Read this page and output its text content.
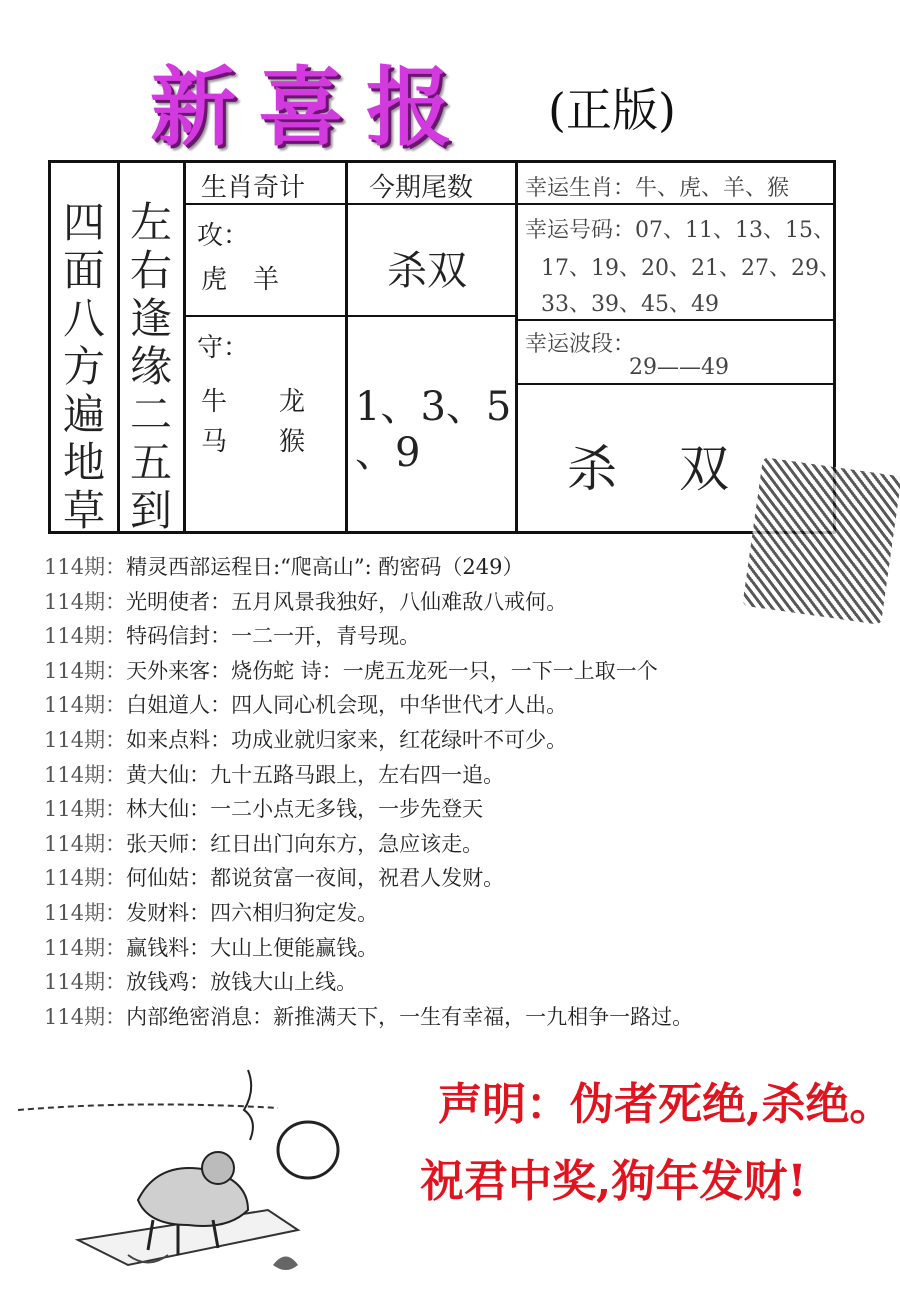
新喜报 (正版)
四
面
八
方
遍
地
草
左
右
逢
缘
二
五
到
生肖奇计 今期尾数 幸运生肖：牛、虎、羊、猴
攻：
虎　羊	杀双
幸运号码：07、11、13、15、
17、19、20、21、27、29、
33、39、45、49
幸运波段：
29——49
守：
牛　　龙
马　　猴
1、3、5
、9	杀　双
114期：精灵西部运程日:“爬高山”: 酌密码（249）
114期：光明使者：五月风景我独好，八仙难敌八戒何。
114期：特码信封：一二一开，青号现。
114期：天外来客：烧伤蛇 诗：一虎五龙死一只，一下一上取一个
114期：白姐道人：四人同心机会现，中华世代才人出。
114期：如来点料：功成业就归家来，红花绿叶不可少。
114期：黄大仙：九十五路马跟上，左右四一追。
114期：林大仙：一二小点无多钱，一步先登天
114期：张天师：红日出门向东方，急应该走。
114期：何仙姑：都说贫富一夜间，祝君人发财。
114期：发财料：四六相归狗定发。
114期：赢钱料：大山上便能赢钱。
114期：放钱鸡：放钱大山上线。
114期：内部绝密消息：新推满天下，一生有幸福，一九相争一路过。
声明：伪者死绝,杀绝。
祝君中奖,狗年发财!
